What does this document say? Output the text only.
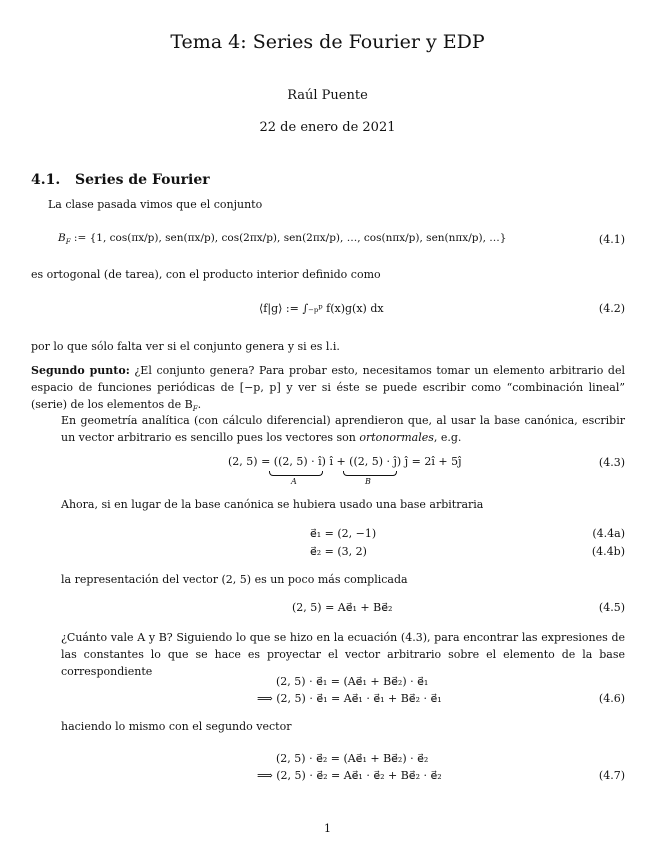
Tema 4: Series de Fourier y EDP
Raúl Puente
22 de enero de 2021
4.1. Series de Fourier
La clase pasada vimos que el conjunto
$B_F$ := {1, cos(πx/p), sen(πx/p), cos(2πx/p), sen(2πx/p), …, cos(nπx/p), sen(nπx/p), …}	(4.1)
es ortogonal (de tarea), con el producto interior definido como
⟨f|g⟩ := ∫₋ₚᵖ f(x)g(x) dx	(4.2)
por lo que sólo falta ver si el conjunto genera y si es l.i.
Segundo punto: ¿El conjunto genera? Para probar esto, necesitamos tomar un elemento arbitrario del espacio de funciones periódicas de [−p, p] y ver si éste se puede escribir como “combinación lineal” (serie) de los elementos de $B_F$.
En geometría analítica (con cálculo diferencial) aprendieron que, al usar la base canónica, escribir un vector arbitrario es sencillo pues los vectores son ortonormales, e.g.
(2, 5) = ((2, 5) · î) î + ((2, 5) · ĵ) ĵ = 2î + 5ĵ
A	B
(4.3)
Ahora, si en lugar de la base canónica se hubiera usado una base arbitraria
e⃗₁ = (2, −1)	(4.4a)
e⃗₂ = (3, 2)	(4.4b)
la representación del vector (2, 5) es un poco más complicada
(2, 5) = Ae⃗₁ + Be⃗₂	(4.5)
¿Cuánto vale A y B? Siguiendo lo que se hizo en la ecuación (4.3), para encontrar las expresiones de las constantes lo que se hace es proyectar el vector arbitrario sobre el elemento de la base correspondiente
(2, 5) · e⃗₁ = (Ae⃗₁ + Be⃗₂) · e⃗₁
⟹ (2, 5) · e⃗₁ = Ae⃗₁ · e⃗₁ + Be⃗₂ · e⃗₁	(4.6)
haciendo lo mismo con el segundo vector
(2, 5) · e⃗₂ = (Ae⃗₁ + Be⃗₂) · e⃗₂
⟹ (2, 5) · e⃗₂ = Ae⃗₁ · e⃗₂ + Be⃗₂ · e⃗₂	(4.7)
1
